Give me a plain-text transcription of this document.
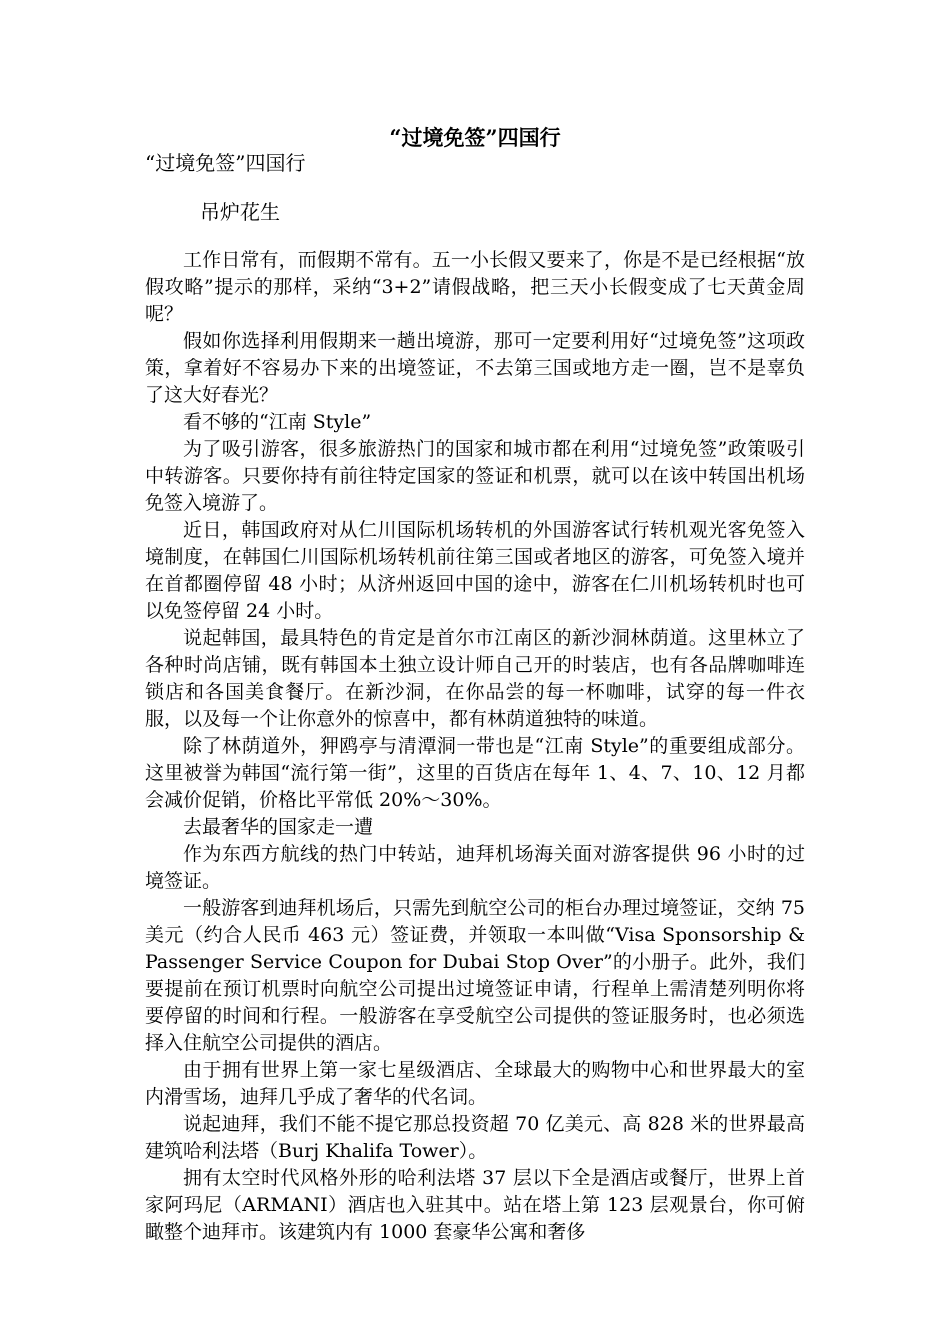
“过境免签”四国行
“过境免签”四国行
吊炉花生

工作日常有，而假期不常有。五一小长假又要来了，你是不是已经根据“放假攻略”提示的那样，采纳“3+2”请假战略，把三天小长假变成了七天黄金周呢？

假如你选择利用假期来一趟出境游，那可一定要利用好“过境免签”这项政策，拿着好不容易办下来的出境签证，不去第三国或地方走一圈，岂不是辜负了这大好春光？

看不够的“江南 Style”

为了吸引游客，很多旅游热门的国家和城市都在利用“过境免签”政策吸引中转游客。只要你持有前往特定国家的签证和机票，就可以在该中转国出机场免签入境游了。

近日，韩国政府对从仁川国际机场转机的外国游客试行转机观光客免签入境制度，在韩国仁川国际机场转机前往第三国或者地区的游客，可免签入境并在首都圈停留 48 小时；从济州返回中国的途中，游客在仁川机场转机时也可以免签停留 24 小时。

说起韩国，最具特色的肯定是首尔市江南区的新沙洞林荫道。这里林立了各种时尚店铺，既有韩国本土独立设计师自己开的时装店，也有各品牌咖啡连锁店和各国美食餐厅。在新沙洞，在你品尝的每一杯咖啡，试穿的每一件衣服，以及每一个让你意外的惊喜中，都有林荫道独特的味道。

除了林荫道外，狎鸥亭与清潭洞一带也是“江南 Style”的重要组成部分。这里被誉为韩国“流行第一街”，这里的百货店在每年 1、4、7、10、12 月都会减价促销，价格比平常低 20%～30%。

去最奢华的国家走一遭

作为东西方航线的热门中转站，迪拜机场海关面对游客提供 96 小时的过境签证。

一般游客到迪拜机场后，只需先到航空公司的柜台办理过境签证，交纳 75 美元（约合人民币 463 元）签证费，并领取一本叫做“Visa Sponsorship & Passenger Service Coupon for Dubai Stop Over”的小册子。此外，我们要提前在预订机票时向航空公司提出过境签证申请，行程单上需清楚列明你将要停留的时间和行程。一般游客在享受航空公司提供的签证服务时，也必须选择入住航空公司提供的酒店。

由于拥有世界上第一家七星级酒店、全球最大的购物中心和世界最大的室内滑雪场，迪拜几乎成了奢华的代名词。

说起迪拜，我们不能不提它那总投资超 70 亿美元、高 828 米的世界最高建筑哈利法塔（Burj Khalifa Tower）。

拥有太空时代风格外形的哈利法塔 37 层以下全是酒店或餐厅，世界上首家阿玛尼（ARMANI）酒店也入驻其中。站在塔上第 123 层观景台，你可俯瞰整个迪拜市。该建筑内有 1000 套豪华公寓和奢侈
